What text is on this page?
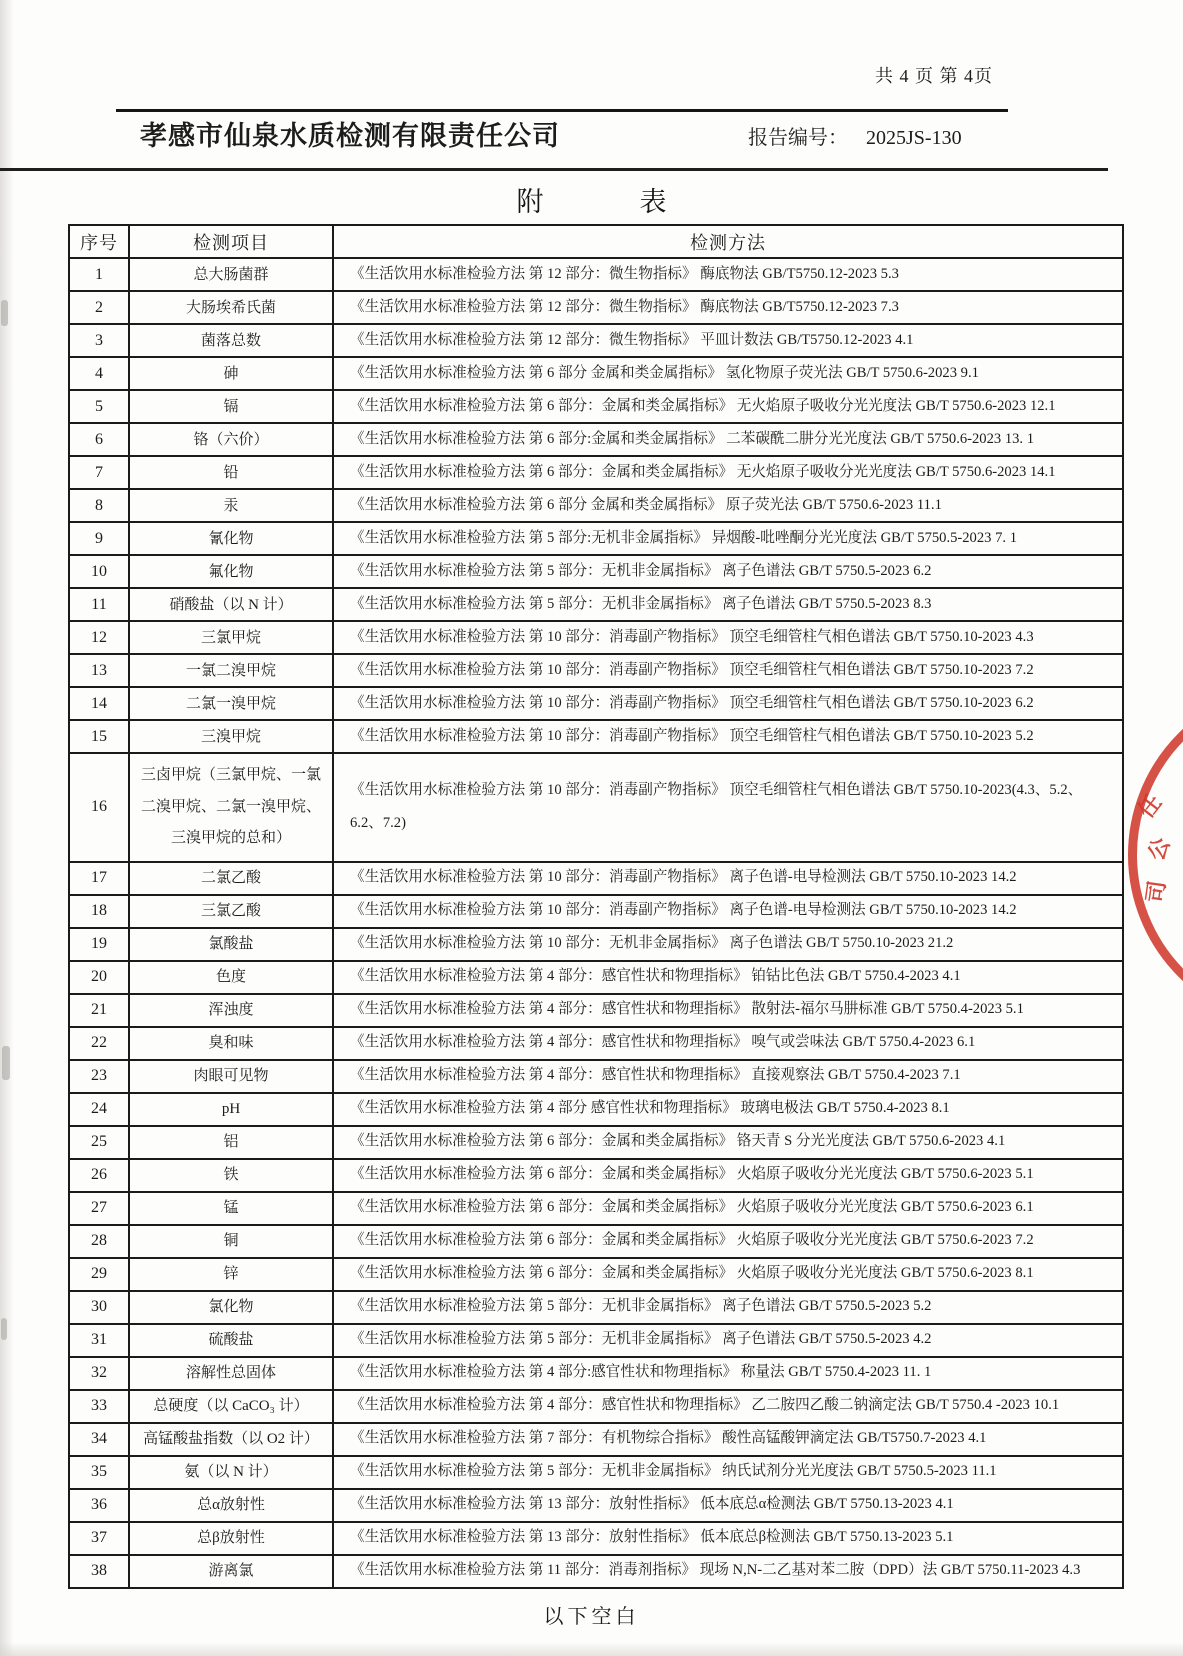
共 4 页 第 4页
孝感市仙泉水质检测有限责任公司	报告编号： 2025JS-130
附	表
序号	检测项目	检测方法
1	总大肠菌群	《生活饮用水标准检验方法 第 12 部分：微生物指标》 酶底物法 GB/T5750.12-2023 5.3
2	大肠埃希氏菌	《生活饮用水标准检验方法 第 12 部分：微生物指标》 酶底物法 GB/T5750.12-2023 7.3
3	菌落总数	《生活饮用水标准检验方法 第 12 部分：微生物指标》 平皿计数法 GB/T5750.12-2023 4.1
4	砷	《生活饮用水标准检验方法 第 6 部分 金属和类金属指标》 氢化物原子荧光法 GB/T 5750.6-2023 9.1
5	镉	《生活饮用水标准检验方法 第 6 部分：金属和类金属指标》 无火焰原子吸收分光光度法 GB/T 5750.6-2023 12.1
6	铬（六价）	《生活饮用水标准检验方法 第 6 部分:金属和类金属指标》 二苯碳酰二肼分光光度法 GB/T 5750.6-2023 13. 1
7	铅	《生活饮用水标准检验方法 第 6 部分：金属和类金属指标》 无火焰原子吸收分光光度法 GB/T 5750.6-2023 14.1
8	汞	《生活饮用水标准检验方法 第 6 部分 金属和类金属指标》 原子荧光法 GB/T 5750.6-2023 11.1
9	氰化物	《生活饮用水标准检验方法 第 5 部分:无机非金属指标》 异烟酸-吡唑酮分光光度法 GB/T 5750.5-2023 7. 1
10	氟化物	《生活饮用水标准检验方法 第 5 部分：无机非金属指标》 离子色谱法 GB/T 5750.5-2023 6.2
11	硝酸盐（以 N 计）	《生活饮用水标准检验方法 第 5 部分：无机非金属指标》 离子色谱法 GB/T 5750.5-2023 8.3
12	三氯甲烷	《生活饮用水标准检验方法 第 10 部分：消毒副产物指标》 顶空毛细管柱气相色谱法 GB/T 5750.10-2023 4.3
13	一氯二溴甲烷	《生活饮用水标准检验方法 第 10 部分：消毒副产物指标》 顶空毛细管柱气相色谱法 GB/T 5750.10-2023 7.2
14	二氯一溴甲烷	《生活饮用水标准检验方法 第 10 部分：消毒副产物指标》 顶空毛细管柱气相色谱法 GB/T 5750.10-2023 6.2
15	三溴甲烷	《生活饮用水标准检验方法 第 10 部分：消毒副产物指标》 顶空毛细管柱气相色谱法 GB/T 5750.10-2023 5.2
16	三卤甲烷（三氯甲烷、一氯二溴甲烷、二氯一溴甲烷、三溴甲烷的总和）	《生活饮用水标准检验方法 第 10 部分：消毒副产物指标》 顶空毛细管柱气相色谱法 GB/T 5750.10-2023(4.3、5.2、6.2、7.2)
17	二氯乙酸	《生活饮用水标准检验方法 第 10 部分：消毒副产物指标》 离子色谱-电导检测法 GB/T 5750.10-2023 14.2
18	三氯乙酸	《生活饮用水标准检验方法 第 10 部分：消毒副产物指标》 离子色谱-电导检测法 GB/T 5750.10-2023 14.2
19	氯酸盐	《生活饮用水标准检验方法 第 10 部分：无机非金属指标》 离子色谱法 GB/T 5750.10-2023 21.2
20	色度	《生活饮用水标准检验方法 第 4 部分：感官性状和物理指标》 铂钴比色法 GB/T 5750.4-2023 4.1
21	浑浊度	《生活饮用水标准检验方法 第 4 部分：感官性状和物理指标》 散射法-福尔马肼标准 GB/T 5750.4-2023 5.1
22	臭和味	《生活饮用水标准检验方法 第 4 部分：感官性状和物理指标》 嗅气或尝味法 GB/T 5750.4-2023 6.1
23	肉眼可见物	《生活饮用水标准检验方法 第 4 部分：感官性状和物理指标》 直接观察法 GB/T 5750.4-2023 7.1
24	pH	《生活饮用水标准检验方法 第 4 部分 感官性状和物理指标》 玻璃电极法 GB/T 5750.4-2023 8.1
25	铝	《生活饮用水标准检验方法 第 6 部分：金属和类金属指标》 铬天青 S 分光光度法 GB/T 5750.6-2023 4.1
26	铁	《生活饮用水标准检验方法 第 6 部分：金属和类金属指标》 火焰原子吸收分光光度法 GB/T 5750.6-2023 5.1
27	锰	《生活饮用水标准检验方法 第 6 部分：金属和类金属指标》 火焰原子吸收分光光度法 GB/T 5750.6-2023 6.1
28	铜	《生活饮用水标准检验方法 第 6 部分：金属和类金属指标》 火焰原子吸收分光光度法 GB/T 5750.6-2023 7.2
29	锌	《生活饮用水标准检验方法 第 6 部分：金属和类金属指标》 火焰原子吸收分光光度法 GB/T 5750.6-2023 8.1
30	氯化物	《生活饮用水标准检验方法 第 5 部分：无机非金属指标》 离子色谱法 GB/T 5750.5-2023 5.2
31	硫酸盐	《生活饮用水标准检验方法 第 5 部分：无机非金属指标》 离子色谱法 GB/T 5750.5-2023 4.2
32	溶解性总固体	《生活饮用水标准检验方法 第 4 部分:感官性状和物理指标》 称量法 GB/T 5750.4-2023 11. 1
33	总硬度（以 CaCO₃ 计）	《生活饮用水标准检验方法 第 4 部分：感官性状和物理指标》 乙二胺四乙酸二钠滴定法 GB/T 5750.4 -2023 10.1
34	高锰酸盐指数（以 O2 计）	《生活饮用水标准检验方法 第 7 部分：有机物综合指标》 酸性高锰酸钾滴定法 GB/T5750.7-2023 4.1
35	氨（以 N 计）	《生活饮用水标准检验方法 第 5 部分：无机非金属指标》 纳氏试剂分光光度法 GB/T 5750.5-2023 11.1
36	总α放射性	《生活饮用水标准检验方法 第 13 部分：放射性指标》 低本底总α检测法 GB/T 5750.13-2023 4.1
37	总β放射性	《生活饮用水标准检验方法 第 13 部分：放射性指标》 低本底总β检测法 GB/T 5750.13-2023 5.1
38	游离氯	《生活饮用水标准检验方法 第 11 部分：消毒剂指标》 现场 N,N-二乙基对苯二胺（DPD）法 GB/T 5750.11-2023 4.3
以下空白
任
公
司
